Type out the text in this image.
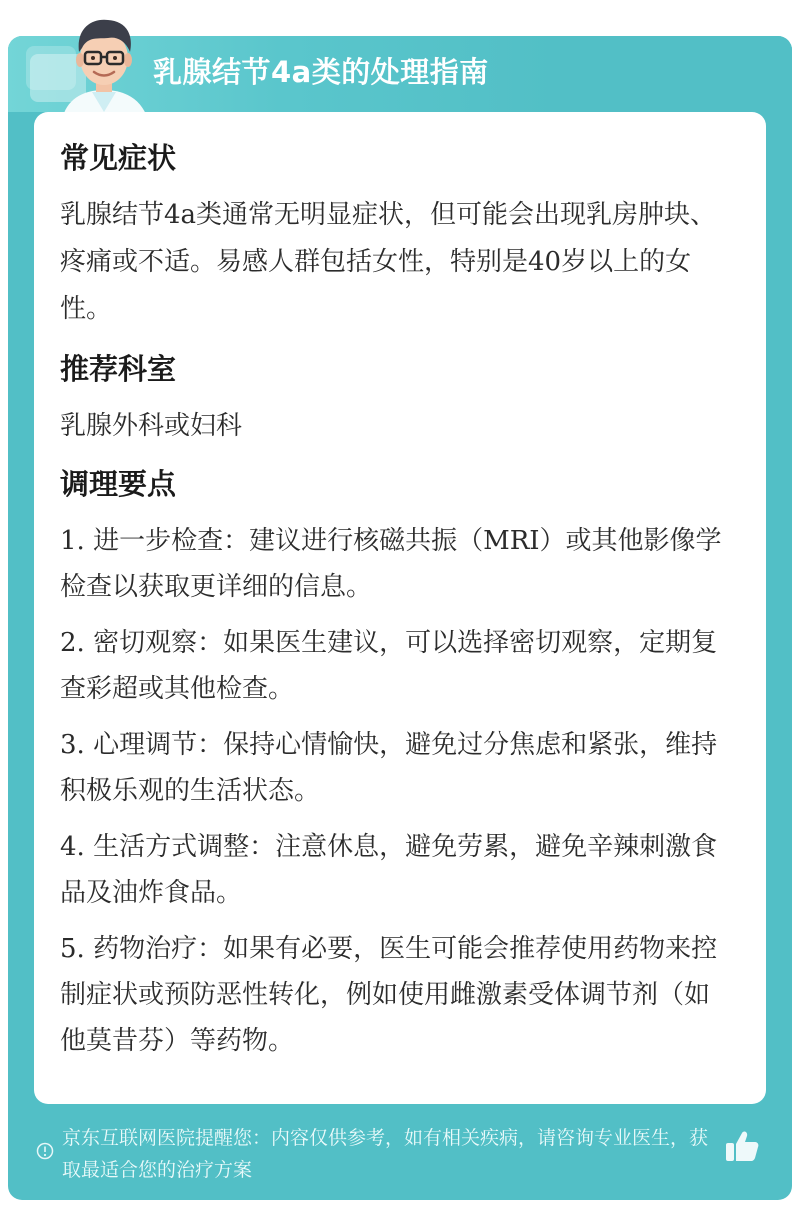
乳腺结节4a类的处理指南
常见症状

乳腺结节4a类通常无明显症状，但可能会出现乳房肿块、疼痛或不适。易感人群包括女性，特别是40岁以上的女性。

推荐科室

乳腺外科或妇科

调理要点

1. 进一步检查：建议进行核磁共振（MRI）或其他影像学检查以获取更详细的信息。

2. 密切观察：如果医生建议，可以选择密切观察，定期复查彩超或其他检查。

3. 心理调节：保持心情愉快，避免过分焦虑和紧张，维持积极乐观的生活状态。

4. 生活方式调整：注意休息，避免劳累，避免辛辣刺激食品及油炸食品。

5. 药物治疗：如果有必要，医生可能会推荐使用药物来控制症状或预防恶性转化，例如使用雌激素受体调节剂（如他莫昔芬）等药物。

京东互联网医院提醒您：内容仅供参考，如有相关疾病，请咨询专业医生，获取最适合您的治疗方案
